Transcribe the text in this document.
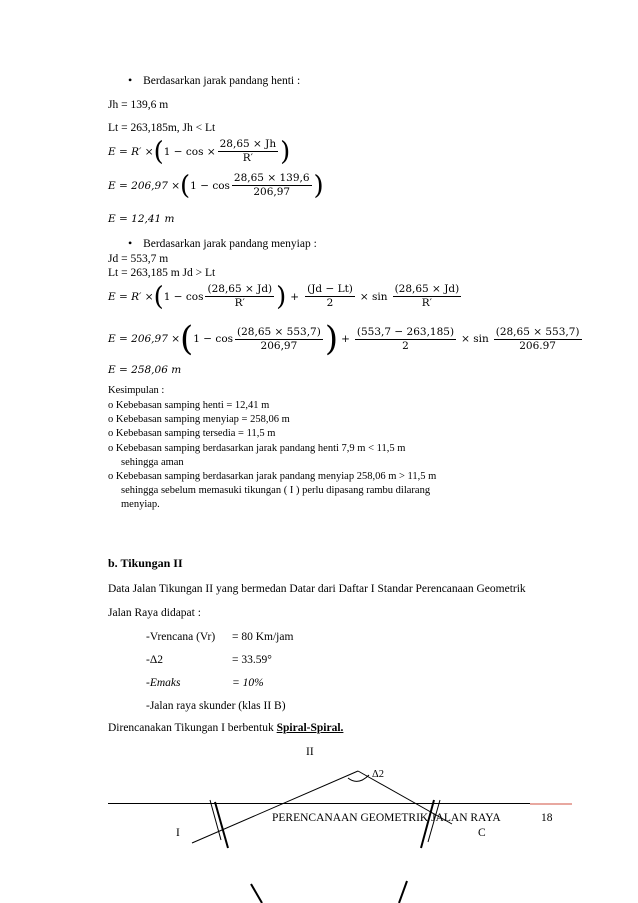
• Berdasarkan jarak pandang henti :
Jh = 139,6 m
Lt = 263,185m, Jh < Lt
E = R′ × ( $1 - \cos \times \frac{28,65 \times Jh}{R'}$ )
E = 206,97 × ( $1 - \cos \frac{28,65 \times 139,6}{206,97}$ )
E = 12,41 m
• Berdasarkan jarak pandang menyiap :
Jd = 553,7 m
Lt = 263,185 m Jd > Lt
E = R′ × ( $1 - \cos \frac{(28,65 \times Jd)}{R'}$ ) + $\frac{(Jd - Lt)}{2} \times \sin \frac{(28,65 \times Jd)}{R'}$
E = 206,97 × ( $1 - \cos \frac{(28,65 \times 553,7)}{206,97}$ ) + $\frac{(553,7 - 263,185)}{2} \times \sin \frac{(28,65 \times 553,7)}{206.97}$
E = 258,06 m
Kesimpulan :
o Kebebasan samping henti = 12,41 m
o Kebebasan samping menyiap = 258,06 m
o Kebebasan samping tersedia = 11,5 m
o Kebebasan samping berdasarkan jarak pandang henti 7,9 m < 11,5 m
sehingga aman
o Kebebasan samping berdasarkan jarak pandang menyiap 258,06 m > 11,5 m
sehingga sebelum memasuki tikungan ( I ) perlu dipasang rambu dilarang
menyiap.
b. Tikungan II
Data Jalan Tikungan II yang bermedan Datar dari Daftar I Standar Perencanaan Geometrik
Jalan Raya didapat :
-Vrencana (Vr) = 80 Km/jam
-Δ2	= 33.59°
-Emaks	= 10%
-Jalan raya skunder (klas II B)
Direncanakan Tikungan I berbentuk Spiral-Spiral.
II
Δ2
I	C
PERENCANAAN GEOMETRIK JALAN RAYA	18
